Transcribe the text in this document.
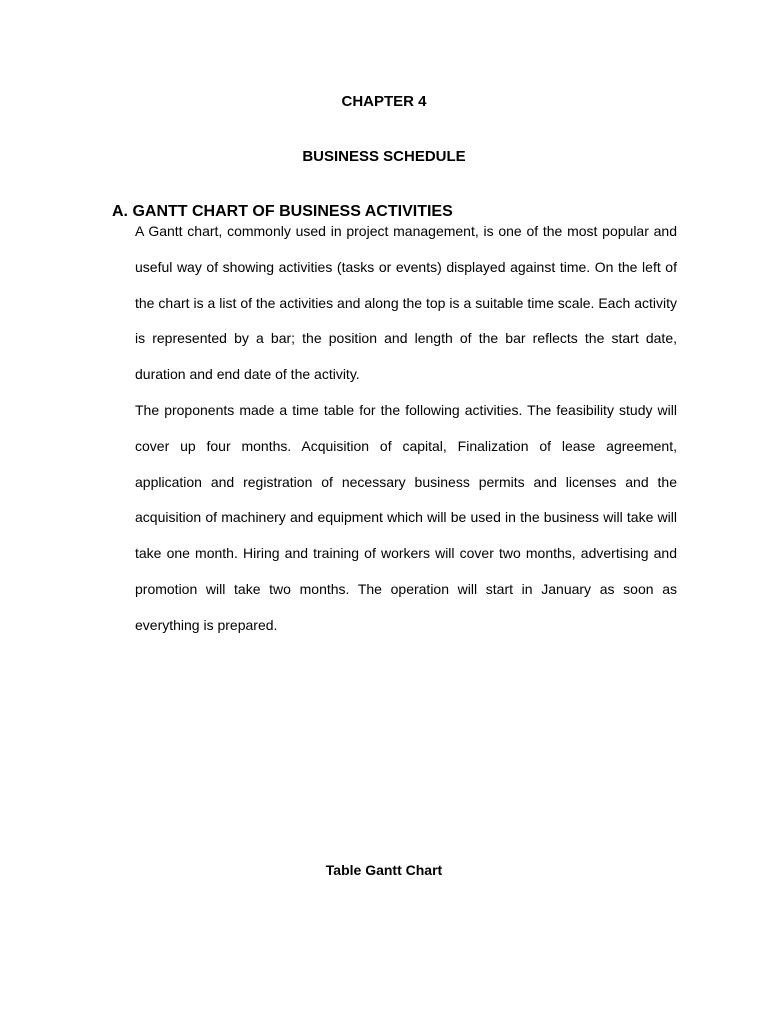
CHAPTER 4
BUSINESS SCHEDULE
A. GANTT CHART OF BUSINESS ACTIVITIES

A Gantt chart, commonly used in project management, is one of the most popular and useful way of showing activities (tasks or events) displayed against time. On the left of the chart is a list of the activities and along the top is a suitable time scale. Each activity is represented by a bar; the position and length of the bar reflects the start date, duration and end date of the activity.

The proponents made a time table for the following activities. The feasibility study will cover up four months. Acquisition of capital, Finalization of lease agreement, application and registration of necessary business permits and licenses and the acquisition of machinery and equipment which will be used in the business will take will take one month. Hiring and training of workers will cover two months, advertising and promotion will take two months. The operation will start in January as soon as everything is prepared.

Table Gantt Chart
